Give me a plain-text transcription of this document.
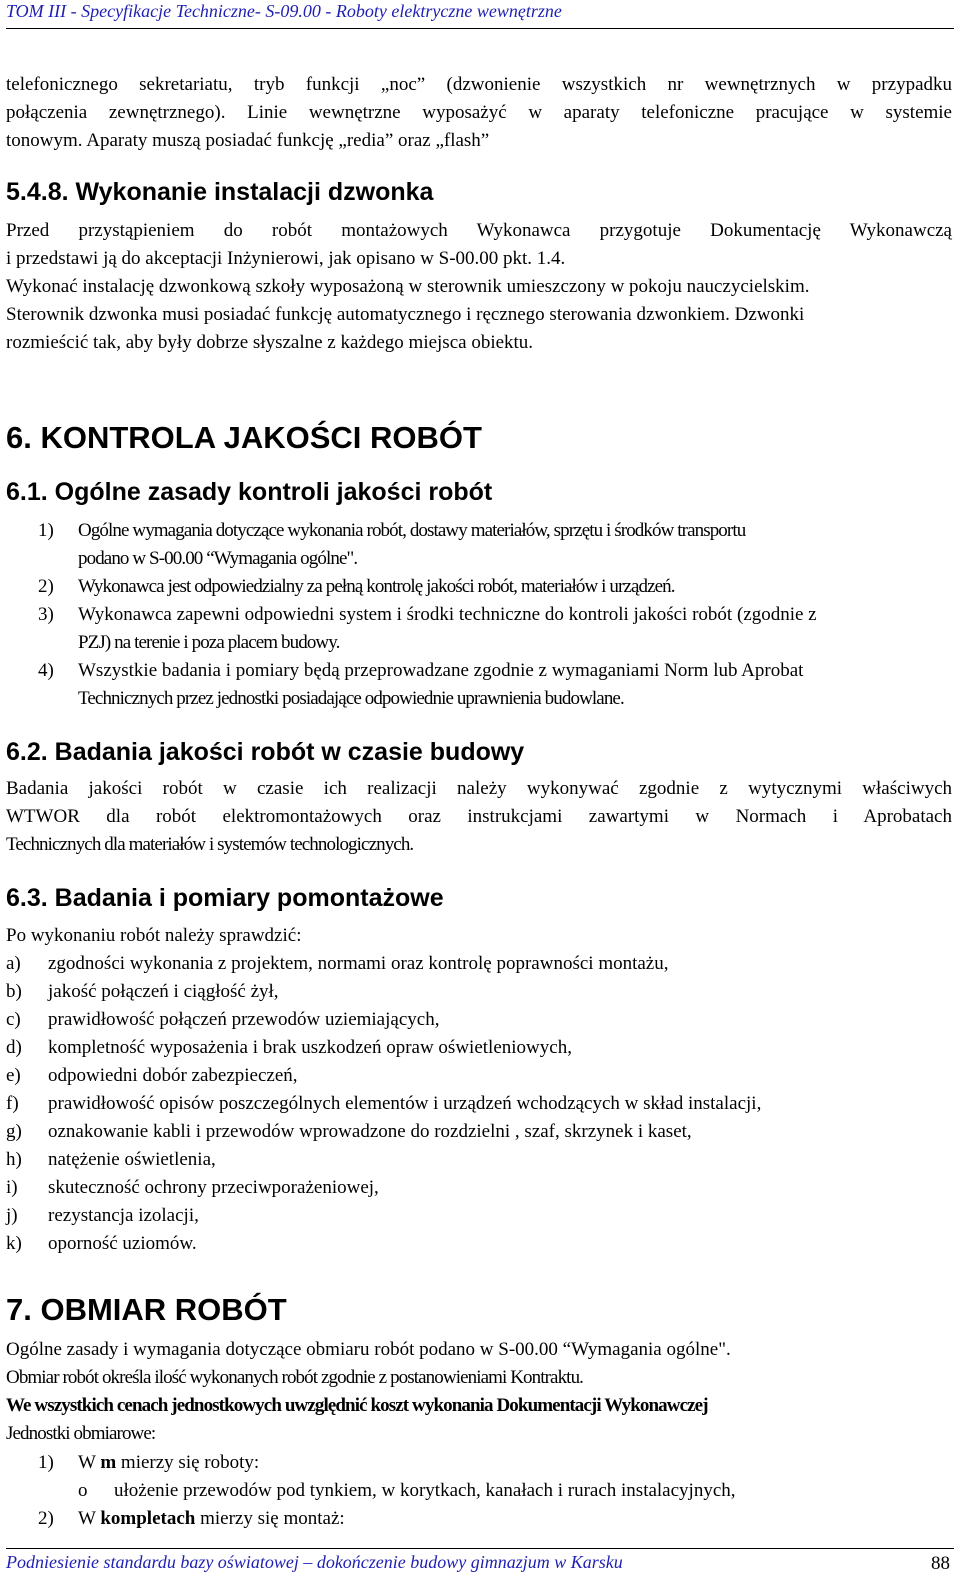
TOM III - Specyfikacje Techniczne- S-09.00 - Roboty elektryczne wewnętrzne
telefonicznego sekretariatu, tryb funkcji „noc” (dzwonienie wszystkich nr wewnętrznych w przypadku
połączenia zewnętrznego). Linie wewnętrzne wyposażyć w aparaty telefoniczne pracujące w systemie
tonowym. Aparaty muszą posiadać funkcję „redia” oraz „flash”
5.4.8. Wykonanie instalacji dzwonka
Przed przystąpieniem do robót montażowych Wykonawca przygotuje Dokumentację Wykonawczą
i przedstawi ją do akceptacji Inżynierowi, jak opisano w S-00.00 pkt. 1.4.
Wykonać instalację dzwonkową szkoły wyposażoną w sterownik umieszczony w pokoju nauczycielskim.
Sterownik dzwonka musi posiadać funkcję automatycznego i ręcznego sterowania dzwonkiem. Dzwonki
rozmieścić tak, aby były dobrze słyszalne z każdego miejsca obiektu.
6. KONTROLA JAKOŚCI ROBÓT
6.1. Ogólne zasady kontroli jakości robót
1) Ogólne wymagania dotyczące wykonania robót, dostawy materiałów, sprzętu i środków transportu
podano w S-00.00 “Wymagania ogólne".
2) Wykonawca jest odpowiedzialny za pełną kontrolę jakości robót, materiałów i urządzeń.
3) Wykonawca zapewni odpowiedni system i środki techniczne do kontroli jakości robót (zgodnie z
PZJ) na terenie i poza placem budowy.
4) Wszystkie badania i pomiary będą przeprowadzane zgodnie z wymaganiami Norm lub Aprobat
Technicznych przez jednostki posiadające odpowiednie uprawnienia budowlane.
6.2. Badania jakości robót w czasie budowy
Badania jakości robót w czasie ich realizacji należy wykonywać zgodnie z wytycznymi właściwych
WTWOR dla robót elektromontażowych oraz instrukcjami zawartymi w Normach i Aprobatach
Technicznych dla materiałów i systemów technologicznych.
6.3. Badania i pomiary pomontażowe
Po wykonaniu robót należy sprawdzić:
a) zgodności wykonania z projektem, normami oraz kontrolę poprawności montażu,
b) jakość połączeń i ciągłość żył,
c) prawidłowość połączeń przewodów uziemiających,
d) kompletność wyposażenia i brak uszkodzeń opraw oświetleniowych,
e) odpowiedni dobór zabezpieczeń,
f) prawidłowość opisów poszczególnych elementów i urządzeń wchodzących w skład instalacji,
g) oznakowanie kabli i przewodów wprowadzone do rozdzielni , szaf, skrzynek i kaset,
h) natężenie oświetlenia,
i) skuteczność ochrony przeciwporażeniowej,
j) rezystancja izolacji,
k) oporność uziomów.
7. OBMIAR ROBÓT
Ogólne zasady i wymagania dotyczące obmiaru robót podano w S-00.00 “Wymagania ogólne".
Obmiar robót określa ilość wykonanych robót zgodnie z postanowieniami Kontraktu.
We wszystkich cenach jednostkowych uwzględnić koszt wykonania Dokumentacji Wykonawczej
Jednostki obmiarowe:
1) W m mierzy się roboty:
o ułożenie przewodów pod tynkiem, w korytkach, kanałach i rurach instalacyjnych,
2) W kompletach mierzy się montaż:
Podniesienie standardu bazy oświatowej – dokończenie budowy gimnazjum w Karsku	88
